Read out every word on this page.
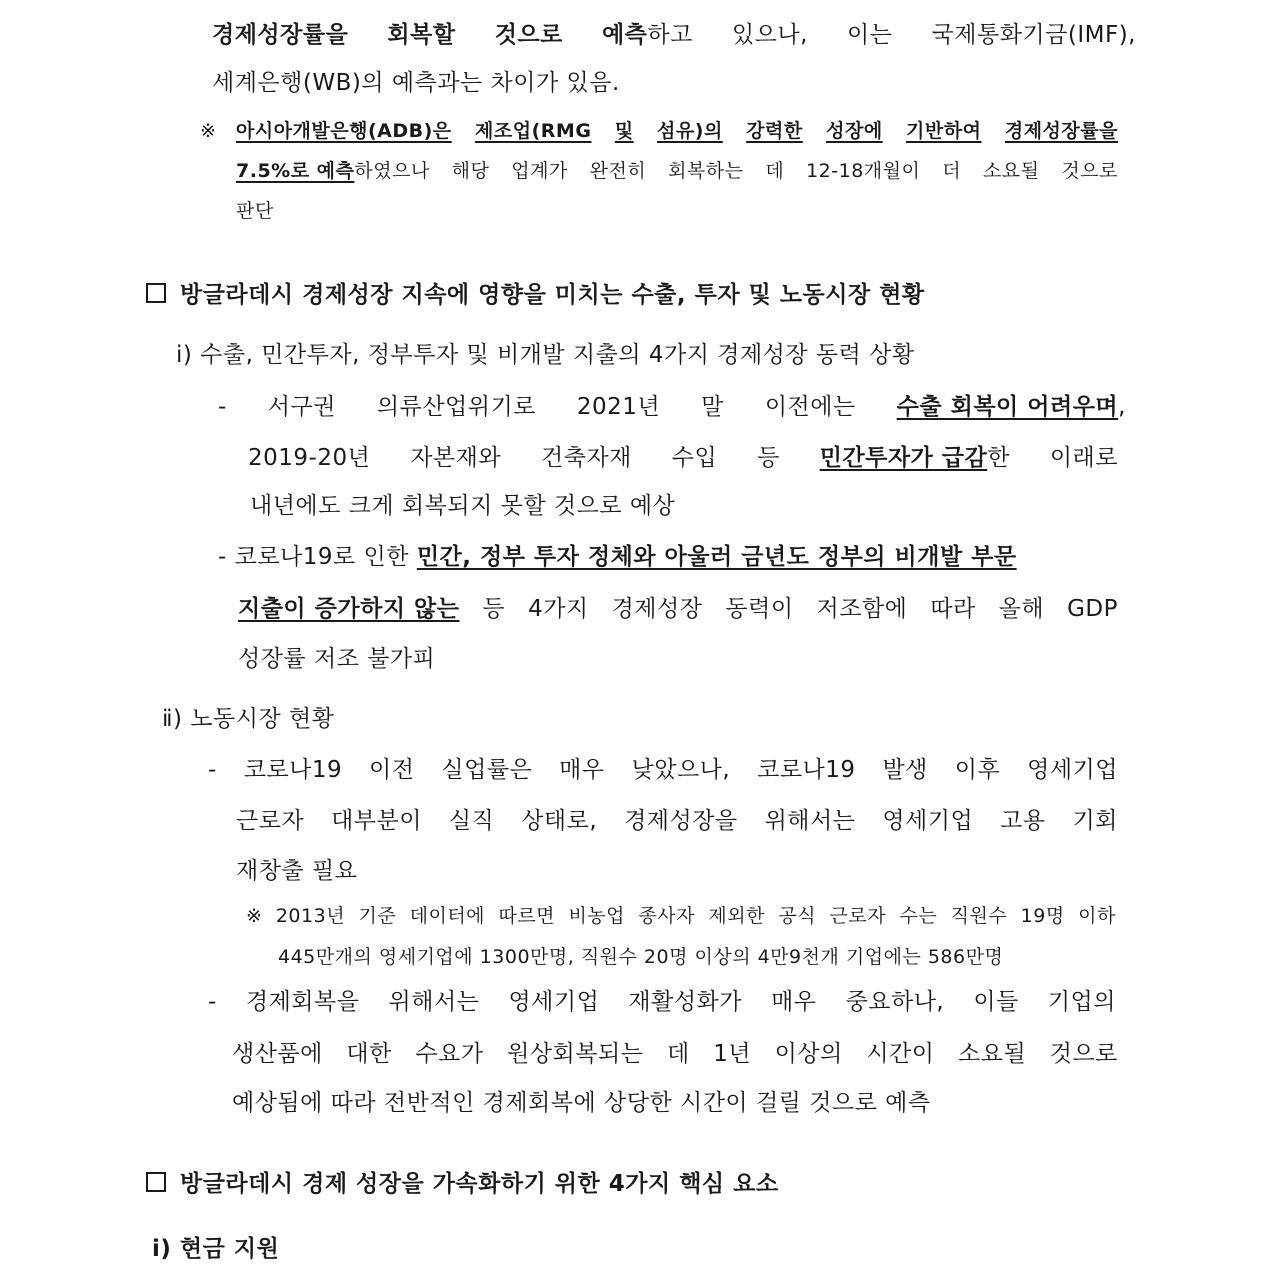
경제성장률을 회복할 것으로 예측하고 있으나, 이는 국제통화기금(IMF),
세계은행(WB)의 예측과는 차이가 있음.
※ 아시아개발은행(ADB)은 제조업(RMG 및 섬유)의 강력한 성장에 기반하여 경제성장률을
7.5%로 예측하였으나 해당 업계가 완전히 회복하는 데 12-18개월이 더 소요될 것으로
판단
방글라데시 경제성장 지속에 영향을 미치는 수출, 투자 및 노동시장 현황
ⅰ) 수출, 민간투자, 정부투자 및 비개발 지출의 4가지 경제성장 동력 상황
- 서구권 의류산업위기로 2021년 말 이전에는 수출 회복이 어려우며,
2019-20년 자본재와 건축자재 수입 등 민간투자가 급감한 이래로
내년에도 크게 회복되지 못할 것으로 예상
- 코로나19로 인한 민간, 정부 투자 정체와 아울러 금년도 정부의 비개발 부문
지출이 증가하지 않는 등 4가지 경제성장 동력이 저조함에 따라 올해 GDP
성장률 저조 불가피
ⅱ) 노동시장 현황
- 코로나19 이전 실업률은 매우 낮았으나, 코로나19 발생 이후 영세기업
근로자 대부분이 실직 상태로, 경제성장을 위해서는 영세기업 고용 기회
재창출 필요
※ 2013년 기준 데이터에 따르면 비농업 종사자 제외한 공식 근로자 수는 직원수 19명 이하
445만개의 영세기업에 1300만명, 직원수 20명 이상의 4만9천개 기업에는 586만명
- 경제회복을 위해서는 영세기업 재활성화가 매우 중요하나, 이들 기업의
생산품에 대한 수요가 원상회복되는 데 1년 이상의 시간이 소요될 것으로
예상됨에 따라 전반적인 경제회복에 상당한 시간이 걸릴 것으로 예측
방글라데시 경제 성장을 가속화하기 위한 4가지 핵심 요소
ⅰ) 현금 지원
